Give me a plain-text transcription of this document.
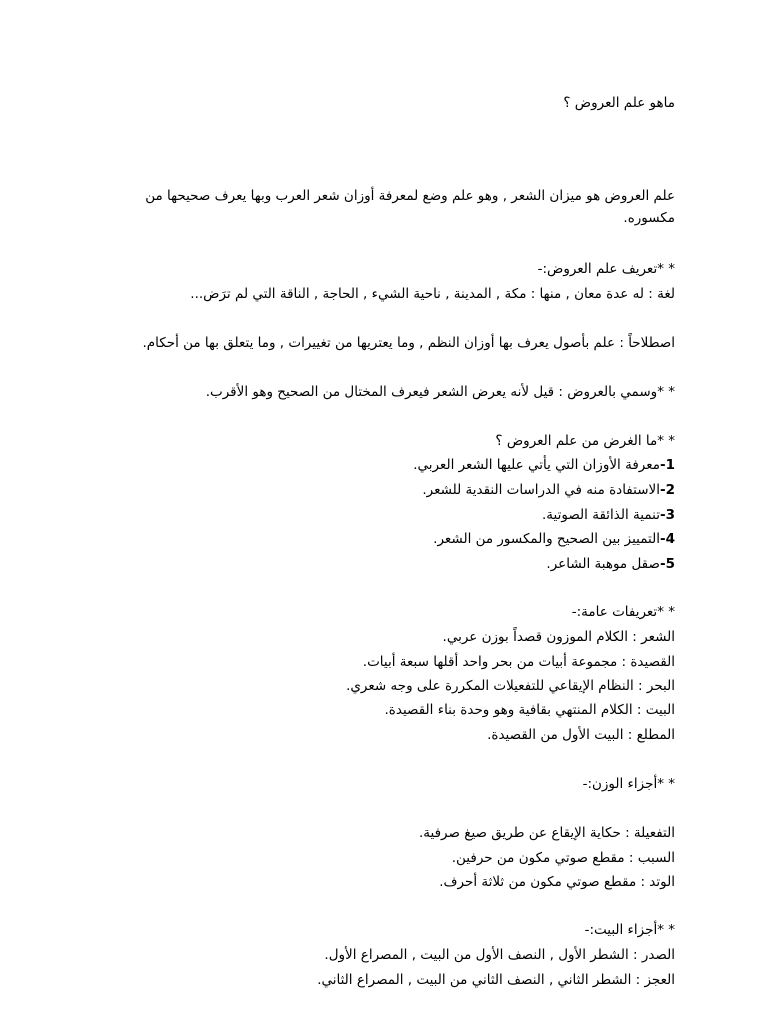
ماهو علم العروض ؟
علم العروض هو ميزان الشعر , وهو علم وضع لمعرفة أوزان شعر العرب وبها يعرف صحيحها من مكسوره.
* *تعريف علم العروض:-
لغة : له عدة معان , منها : مكة , المدينة , ناحية الشيء , الحاجة , الناقة التي لم ترَض...
اصطلاحاً : علم بأصول يعرف بها أوزان النظم , وما يعتريها من تغييرات , وما يتعلق بها من أحكام.
* *وسمي بالعروض : قيل لأنه يعرض الشعر فيعرف المختال من الصحيح وهو الأقرب.
* *ما الغرض من علم العروض ؟
1-معرفة الأوزان التي يأتي عليها الشعر العربي.
2-الاستفادة منه في الدراسات النقدية للشعر.
3-تنمية الذائقة الصوتية.
4-التمييز بين الصحيح والمكسور من الشعر.
5-صقل موهبة الشاعر.
* *تعريفات عامة:-
الشعر : الكلام الموزون قصداً بوزن عربي.
القصيدة : مجموعة أبيات من بحر واحد أقلها سبعة أبيات.
البحر : النظام الإيقاعي للتفعيلات المكررة على وجه شعري.
البيت : الكلام المنتهي بقافية وهو وحدة بناء القصيدة.
المطلع : البيت الأول من القصيدة.
* *أجزاء الوزن:-
التفعيلة : حكاية الإيقاع عن طريق صيغ صرفية.
السبب : مقطع صوتي مكون من حرفين.
الوتد : مقطع صوتي مكون من ثلاثة أحرف.
* *أجزاء البيت:-
الصدر : الشطر الأول , النصف الأول من البيت , المصراع الأول.
العجز : الشطر الثاني , النصف الثاني من البيت , المصراع الثاني.
